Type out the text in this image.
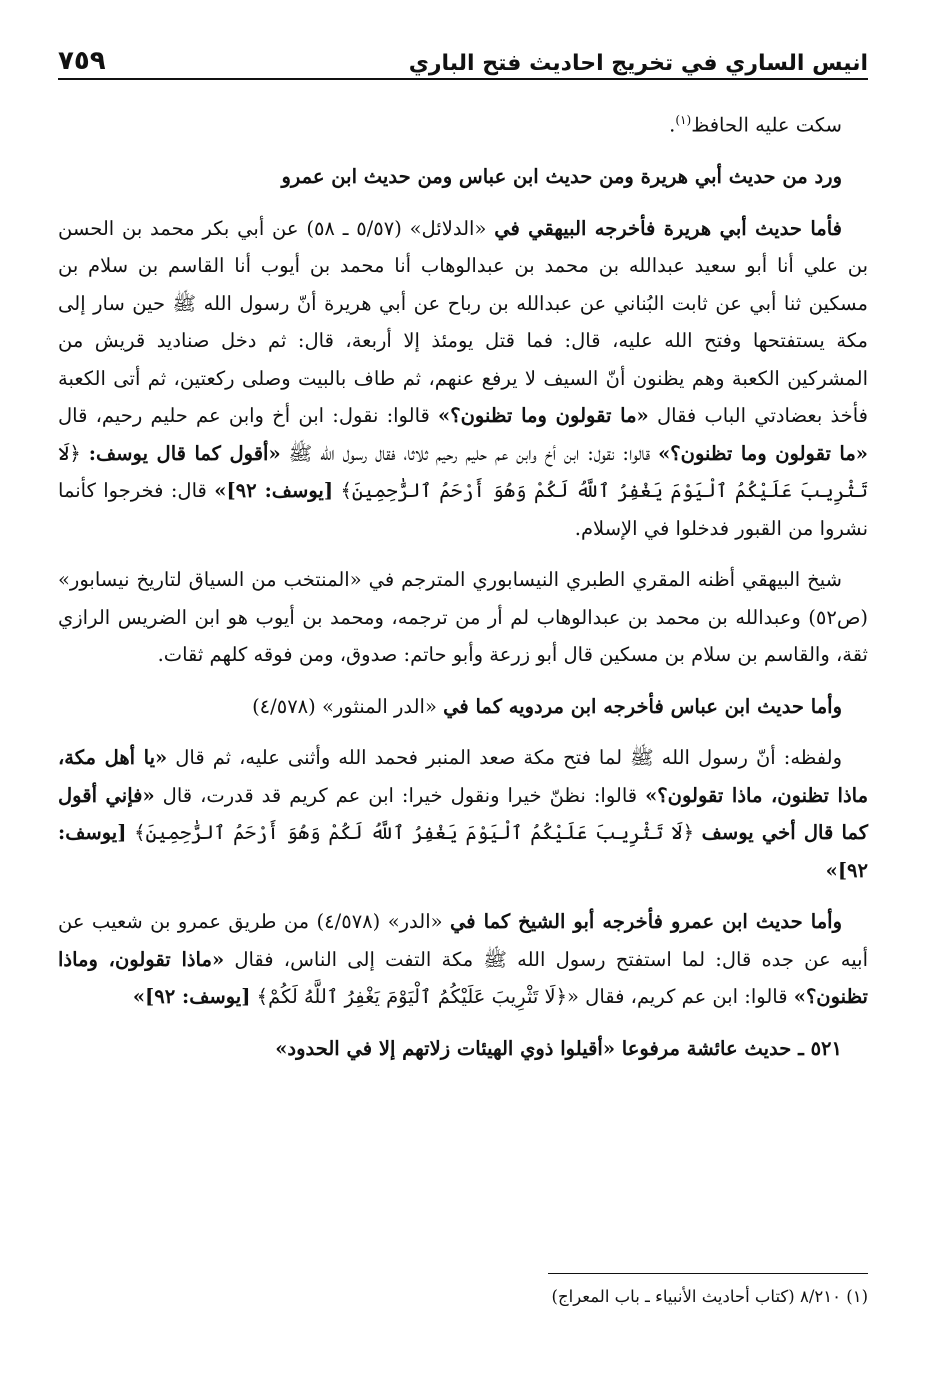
انيس الساري في تخريج احاديث فتح الباري
٧٥٩

سكت عليه الحافظ$^{(١)}$.

ورد من حديث أبي هريرة ومن حديث ابن عباس ومن حديث ابن عمرو

فأما حديث أبي هريرة فأخرجه البيهقي في «الدلائل» (٥/٥٧ ـ ٥٨) عن أبي بكر محمد بن الحسن بن علي أنا أبو سعيد عبدالله بن محمد بن عبدالوهاب أنا محمد بن أيوب أنا القاسم بن سلام بن مسكين ثنا أبي عن ثابت البُناني عن عبدالله بن رباح عن أبي هريرة أنّ رسول الله ﷺ حين سار إلى مكة يستفتحها وفتح الله عليه، قال: فما قتل يومئذ إلا أربعة، قال: ثم دخل صناديد قريش من المشركين الكعبة وهم يظنون أنّ السيف لا يرفع عنهم، ثم طاف بالبيت وصلى ركعتين، ثم أتى الكعبة فأخذ بعضادتي الباب فقال «ما تقولون وما تظنون؟» قالوا: نقول: ابن أخ وابن عم حليم رحيم، قال «ما تقولون وما تظنون؟» قالوا: نقول: ابن أخ وابن عم حليم رحيم ثلاثا، فقال رسول الله ﷺ «أقول كما قال يوسف: ﴿لَا تَثْرِيبَ عَلَيْكُمُ ٱلْيَوْمَ يَغْفِرُ ٱللَّهُ لَكُمْ وَهُوَ أَرْحَمُ ٱلرَّٰحِمِينَ﴾ [يوسف: ٩٢]» قال: فخرجوا كأنما نشروا من القبور فدخلوا في الإسلام.

شيخ البيهقي أظنه المقري الطبري النيسابوري المترجم في «المنتخب من السياق لتاريخ نيسابور» (ص٥٢) وعبدالله بن محمد بن عبدالوهاب لم أر من ترجمه، ومحمد بن أيوب هو ابن الضريس الرازي ثقة، والقاسم بن سلام بن مسكين قال أبو زرعة وأبو حاتم: صدوق، ومن فوقه كلهم ثقات.

وأما حديث ابن عباس فأخرجه ابن مردويه كما في «الدر المنثور» (٤/٥٧٨)

ولفظه: أنّ رسول الله ﷺ لما فتح مكة صعد المنبر فحمد الله وأثنى عليه، ثم قال «يا أهل مكة، ماذا تظنون، ماذا تقولون؟» قالوا: نظنّ خيرا ونقول خيرا: ابن عم كريم قد قدرت، قال «فإني أقول كما قال أخي يوسف ﴿لَا تَثْرِيبَ عَلَيْكُمُ ٱلْيَوْمَ يَغْفِرُ ٱللَّهُ لَكُمْ وَهُوَ أَرْحَمُ ٱلرَّٰحِمِينَ﴾ [يوسف: ٩٢]»

وأما حديث ابن عمرو فأخرجه أبو الشيخ كما في «الدر» (٤/٥٧٨) من طريق عمرو بن شعيب عن أبيه عن جده قال: لما استفتح رسول الله ﷺ مكة التفت إلى الناس، فقال «ماذا تقولون، وماذا تظنون؟» قالوا: ابن عم كريم، فقال «﴿لَا تَثْرِيبَ عَلَيْكُمُ ٱلْيَوْمَ يَغْفِرُ ٱللَّهُ لَكُمْ﴾ [يوسف: ٩٢]»

٥٢١ ـ حديث عائشة مرفوعا «أقيلوا ذوي الهيئات زلاتهم إلا في الحدود»

(١) ٨/٢١٠ (كتاب أحاديث الأنبياء ـ باب المعراج)
